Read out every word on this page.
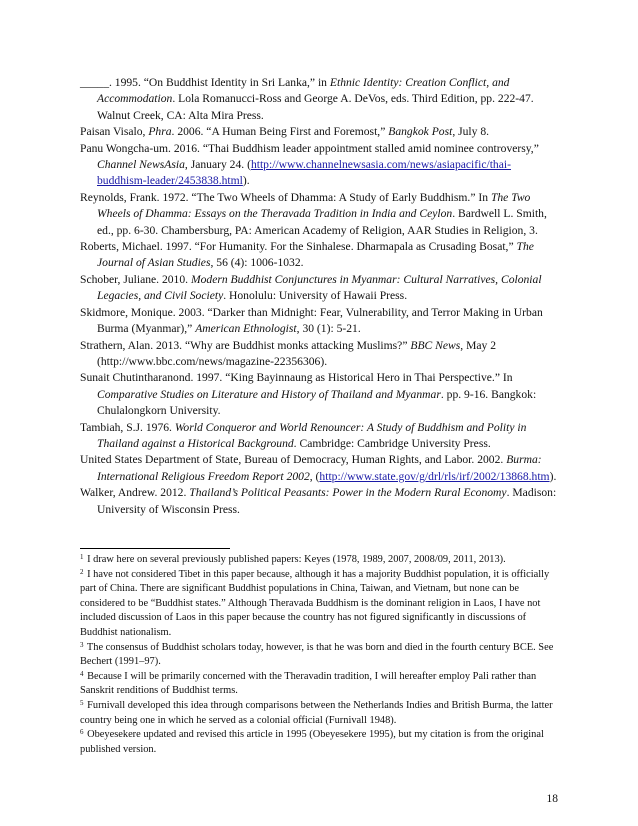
_____. 1995. “On Buddhist Identity in Sri Lanka,” in Ethnic Identity: Creation Conflict, and Accommodation. Lola Romanucci-Ross and George A. DeVos, eds. Third Edition, pp. 222-47. Walnut Creek, CA: Alta Mira Press.

Paisan Visalo, Phra. 2006. “A Human Being First and Foremost,” Bangkok Post, July 8.

Panu Wongcha-um. 2016. “Thai Buddhism leader appointment stalled amid nominee controversy,” Channel NewsAsia, January 24. (http://www.channelnewsasia.com/news/asiapacific/thai-buddhism-leader/2453838.html).

Reynolds, Frank. 1972. “The Two Wheels of Dhamma: A Study of Early Buddhism.” In The Two Wheels of Dhamma: Essays on the Theravada Tradition in India and Ceylon. Bardwell L. Smith, ed., pp. 6-30. Chambersburg, PA: American Academy of Religion, AAR Studies in Religion, 3.

Roberts, Michael. 1997. “For Humanity. For the Sinhalese. Dharmapala as Crusading Bosat,” The Journal of Asian Studies, 56 (4): 1006-1032.

Schober, Juliane. 2010. Modern Buddhist Conjunctures in Myanmar: Cultural Narratives, Colonial Legacies, and Civil Society. Honolulu: University of Hawaii Press.

Skidmore, Monique. 2003. “Darker than Midnight: Fear, Vulnerability, and Terror Making in Urban Burma (Myanmar),” American Ethnologist, 30 (1): 5-21.

Strathern, Alan. 2013. “Why are Buddhist monks attacking Muslims?” BBC News, May 2 (http://www.bbc.com/news/magazine-22356306).

Sunait Chutintharanond. 1997. “King Bayinnaung as Historical Hero in Thai Perspective.” In Comparative Studies on Literature and History of Thailand and Myanmar. pp. 9-16. Bangkok: Chulalongkorn University.

Tambiah, S.J. 1976. World Conqueror and World Renouncer: A Study of Buddhism and Polity in Thailand against a Historical Background. Cambridge: Cambridge University Press.

United States Department of State, Bureau of Democracy, Human Rights, and Labor. 2002. Burma: International Religious Freedom Report 2002, (http://www.state.gov/g/drl/rls/irf/2002/13868.htm).

Walker, Andrew. 2012. Thailand’s Political Peasants: Power in the Modern Rural Economy. Madison: University of Wisconsin Press.

$^1$ I draw here on several previously published papers: Keyes (1978, 1989, 2007, 2008/09, 2011, 2013).

$^2$ I have not considered Tibet in this paper because, although it has a majority Buddhist population, it is officially part of China. There are significant Buddhist populations in China, Taiwan, and Vietnam, but none can be considered to be “Buddhist states.” Although Theravada Buddhism is the dominant religion in Laos, I have not included discussion of Laos in this paper because the country has not figured significantly in discussions of Buddhist nationalism.

$^3$ The consensus of Buddhist scholars today, however, is that he was born and died in the fourth century BCE. See Bechert (1991–97).

$^4$ Because I will be primarily concerned with the Theravadin tradition, I will hereafter employ Pali rather than Sanskrit renditions of Buddhist terms.

$^5$ Furnivall developed this idea through comparisons between the Netherlands Indies and British Burma, the latter country being one in which he served as a colonial official (Furnivall 1948).

$^6$ Obeyesekere updated and revised this article in 1995 (Obeyesekere 1995), but my citation is from the original published version.

18
